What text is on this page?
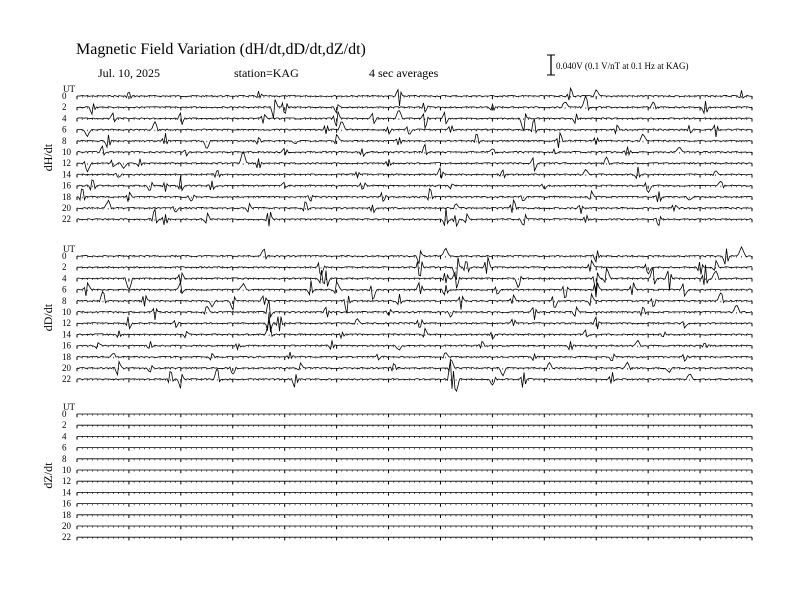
Magnetic Field Variation (dH/dt,dD/dt,dZ/dt)
Jul. 10, 2025	station=KAG	4 sec averages	0.040V (0.1 V/nT at 0.1 Hz at KAG)
UT
dH/dt
0
2
4
6
8
10
12
14
16
18
20
22
UT
dD/dt
0
2
4
6
8
10
12
14
16
18
20
22
UT
dZ/dt
0
2
4
6
8
10
12
14
16
18
20
22
